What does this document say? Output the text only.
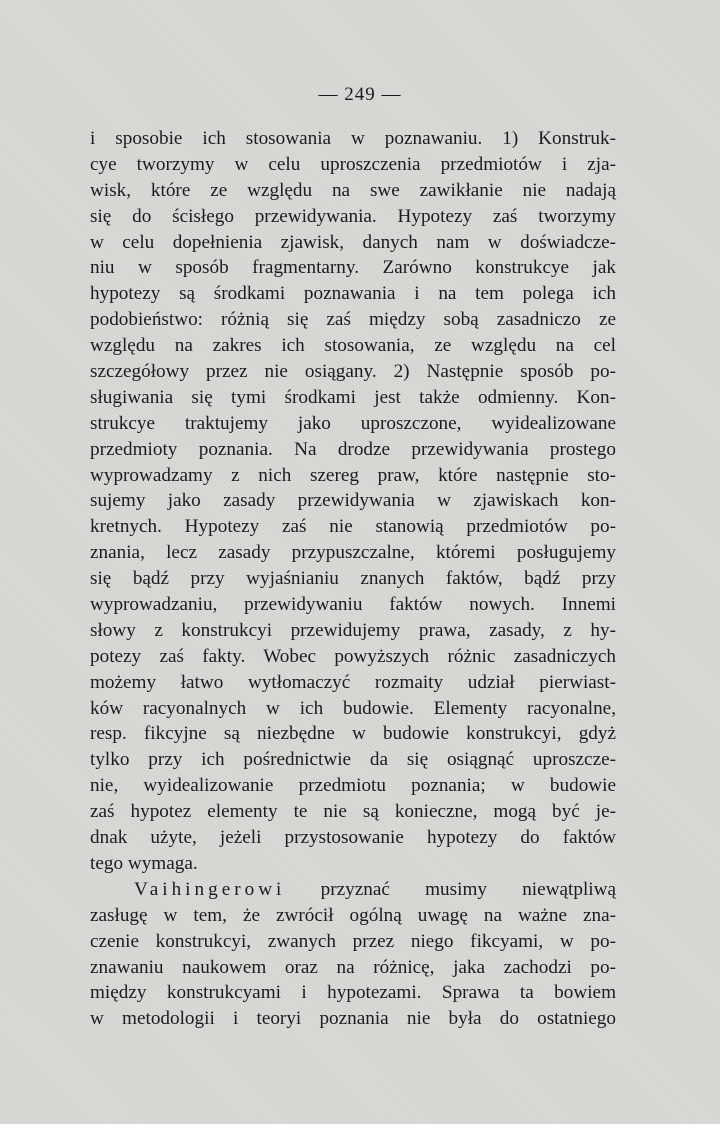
— 249 —
i sposobie ich stosowania w poznawaniu. 1) Konstruk-
cye tworzymy w celu uproszczenia przedmiotów i zja-
wisk, które ze względu na swe zawikłanie nie nadają
się do ścisłego przewidywania. Hypotezy zaś tworzymy
w celu dopełnienia zjawisk, danych nam w doświadcze-
niu w sposób fragmentarny. Zarówno konstrukcye jak
hypotezy są środkami poznawania i na tem polega ich
podobieństwo: różnią się zaś między sobą zasadniczo ze
względu na zakres ich stosowania, ze względu na cel
szczegółowy przez nie osiągany. 2) Następnie sposób po-
sługiwania się tymi środkami jest także odmienny. Kon-
strukcye traktujemy jako uproszczone, wyidealizowane
przedmioty poznania. Na drodze przewidywania prostego
wyprowadzamy z nich szereg praw, które następnie sto-
sujemy jako zasady przewidywania w zjawiskach kon-
kretnych. Hypotezy zaś nie stanowią przedmiotów po-
znania, lecz zasady przypuszczalne, któremi posługujemy
się bądź przy wyjaśnianiu znanych faktów, bądź przy
wyprowadzaniu, przewidywaniu faktów nowych. Innemi
słowy z konstrukcyi przewidujemy prawa, zasady, z hy-
potezy zaś fakty. Wobec powyższych różnic zasadniczych
możemy łatwo wytłomaczyć rozmaity udział pierwiast-
ków racyonalnych w ich budowie. Elementy racyonalne,
resp. fikcyjne są niezbędne w budowie konstrukcyi, gdyż
tylko przy ich pośrednictwie da się osiągnąć uproszcze-
nie, wyidealizowanie przedmiotu poznania; w budowie
zaś hypotez elementy te nie są konieczne, mogą być je-
dnak użyte, jeżeli przystosowanie hypotezy do faktów
tego wymaga.
Vaihingerowi przyznać musimy niewątpliwą
zasługę w tem, że zwrócił ogólną uwagę na ważne zna-
czenie konstrukcyi, zwanych przez niego fikcyami, w po-
znawaniu naukowem oraz na różnicę, jaka zachodzi po-
między konstrukcyami i hypotezami. Sprawa ta bowiem
w metodologii i teoryi poznania nie była do ostatniego
